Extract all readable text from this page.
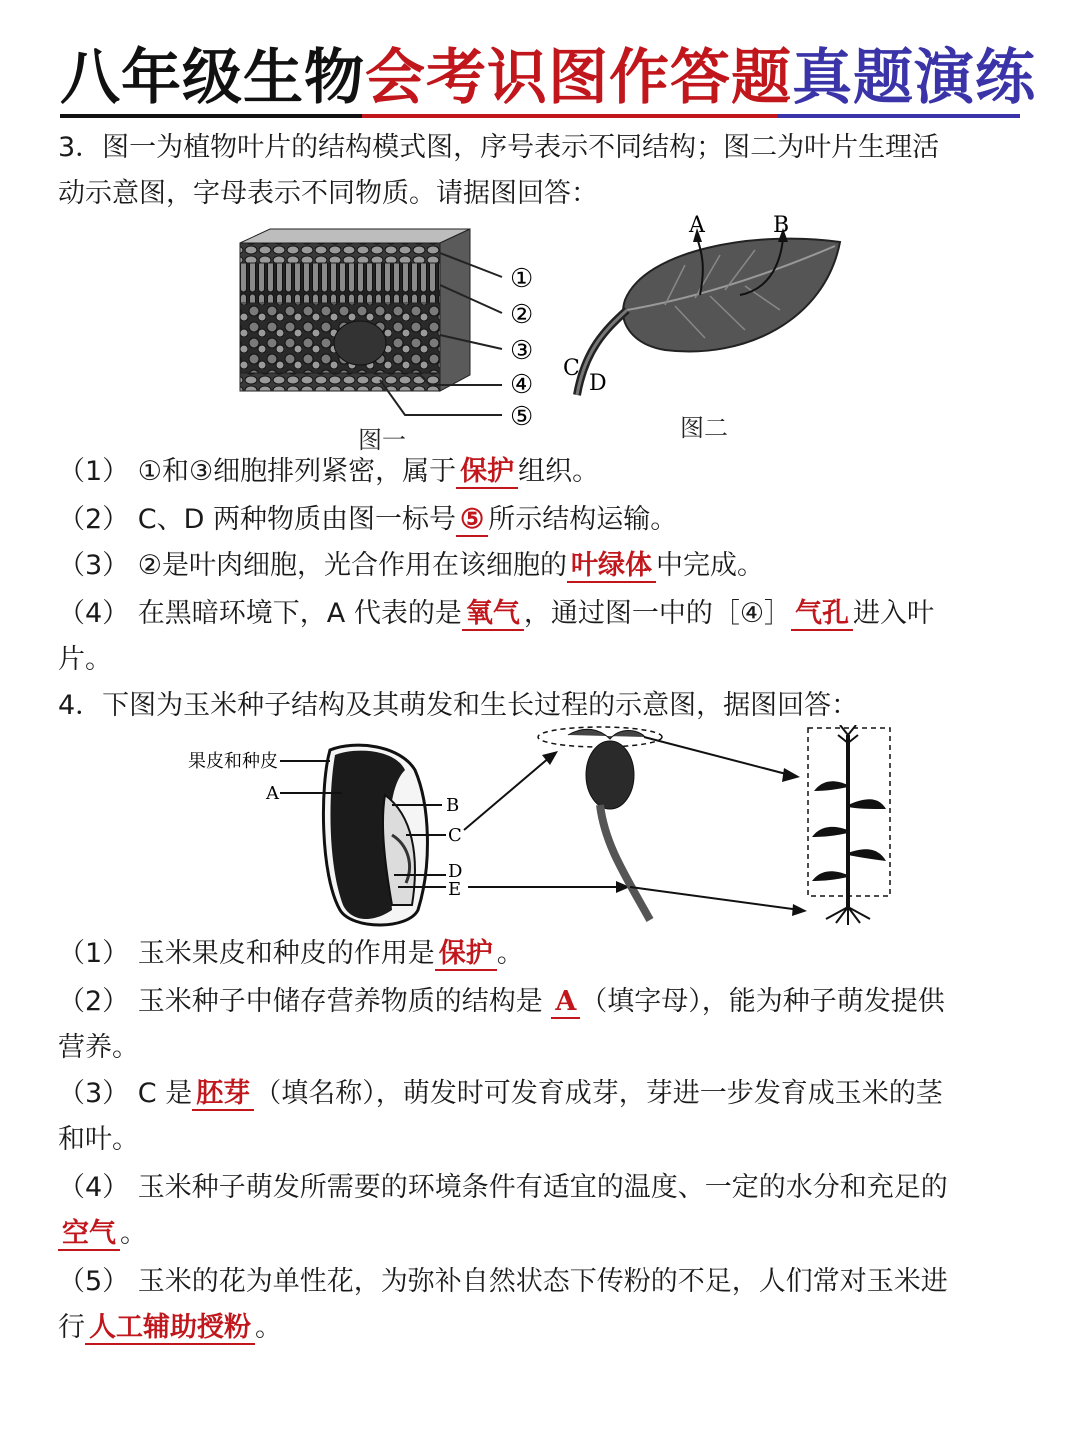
八年级生物会考识图作答题真题演练
3．图一为植物叶片的结构模式图，序号表示不同结构；图二为叶片生理活
动示意图，字母表示不同物质。请据图回答：
①
②
③
④
⑤
图一
A	B
C
D
图二
（1） ①和③细胞排列紧密，属于 保护 组织。
（2） C、D 两种物质由图一标号 ⑤ 所示结构运输。
（3） ②是叶肉细胞，光合作用在该细胞的 叶绿体 中完成。
（4） 在黑暗环境下，A 代表的是 氧气 ，通过图一中的［④］ 气孔 进入叶
片。
4．下图为玉米种子结构及其萌发和生长过程的示意图，据图回答：
果皮和种皮
A
B
C
D
E
（1） 玉米果皮和种皮的作用是 保护 。
（2） 玉米种子中储存营养物质的结构是 A （填字母），能为种子萌发提供
营养。
（3） C 是 胚芽 （填名称），萌发时可发育成芽，芽进一步发育成玉米的茎
和叶。
（4） 玉米种子萌发所需要的环境条件有适宜的温度、一定的水分和充足的
空气 。
（5） 玉米的花为单性花，为弥补自然状态下传粉的不足，人们常对玉米进
行 人工辅助授粉 。
